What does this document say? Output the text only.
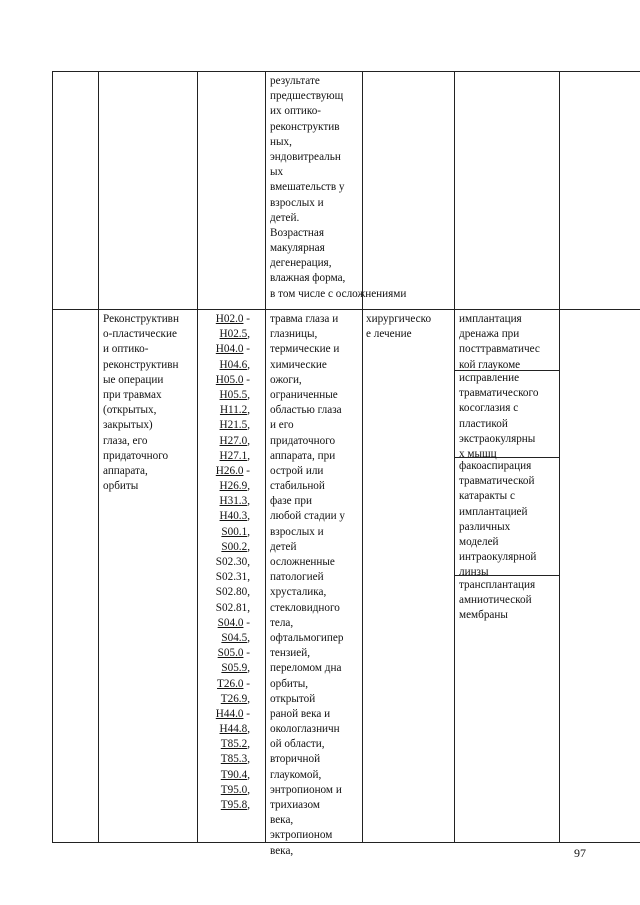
результате
предшествующ
их оптико-
реконструктив
ных,
эндовитреальн
ых
вмешательств у
взрослых и
детей.
Возрастная
макулярная
дегенерация,
влажная форма,
в том числе с осложнениями
Реконструктивн
о-пластические
и оптико-
реконструктивн
ые операции
при травмах
(открытых,
закрытых)
глаза, его
придаточного
аппарата,
орбиты
H02.0 -
H02.5,
H04.0 -
H04.6,
H05.0 -
H05.5,
H11.2,
H21.5,
H27.0,
H27.1,
H26.0 -
H26.9,
H31.3,
H40.3,
S00.1,
S00.2,
S02.30,
S02.31,
S02.80,
S02.81,
S04.0 -
S04.5,
S05.0 -
S05.9,
T26.0 -
T26.9,
H44.0 -
H44.8,
T85.2,
T85.3,
T90.4,
T95.0,
T95.8,
травма глаза и
глазницы,
термические и
химические
ожоги,
ограниченные
областью глаза
и его
придаточного
аппарата, при
острой или
стабильной
фазе при
любой стадии у
взрослых и
детей
осложненные
патологией
хрусталика,
стекловидного
тела,
офтальмогипер
тензией,
переломом дна
орбиты,
открытой
раной века и
окологлазничн
ой области,
вторичной
глаукомой,
энтропионом и
трихиазом
века,
эктропионом
века,
хирургическо
е лечение
имплантация
дренажа при
посттравматичес
кой глаукоме
исправление
травматического
косоглазия с
пластикой
экстраокулярны
х мышц
факоаспирация
травматической
катаракты с
имплантацией
различных
моделей
интраокулярной
линзы
трансплантация
амниотической
мембраны
97
